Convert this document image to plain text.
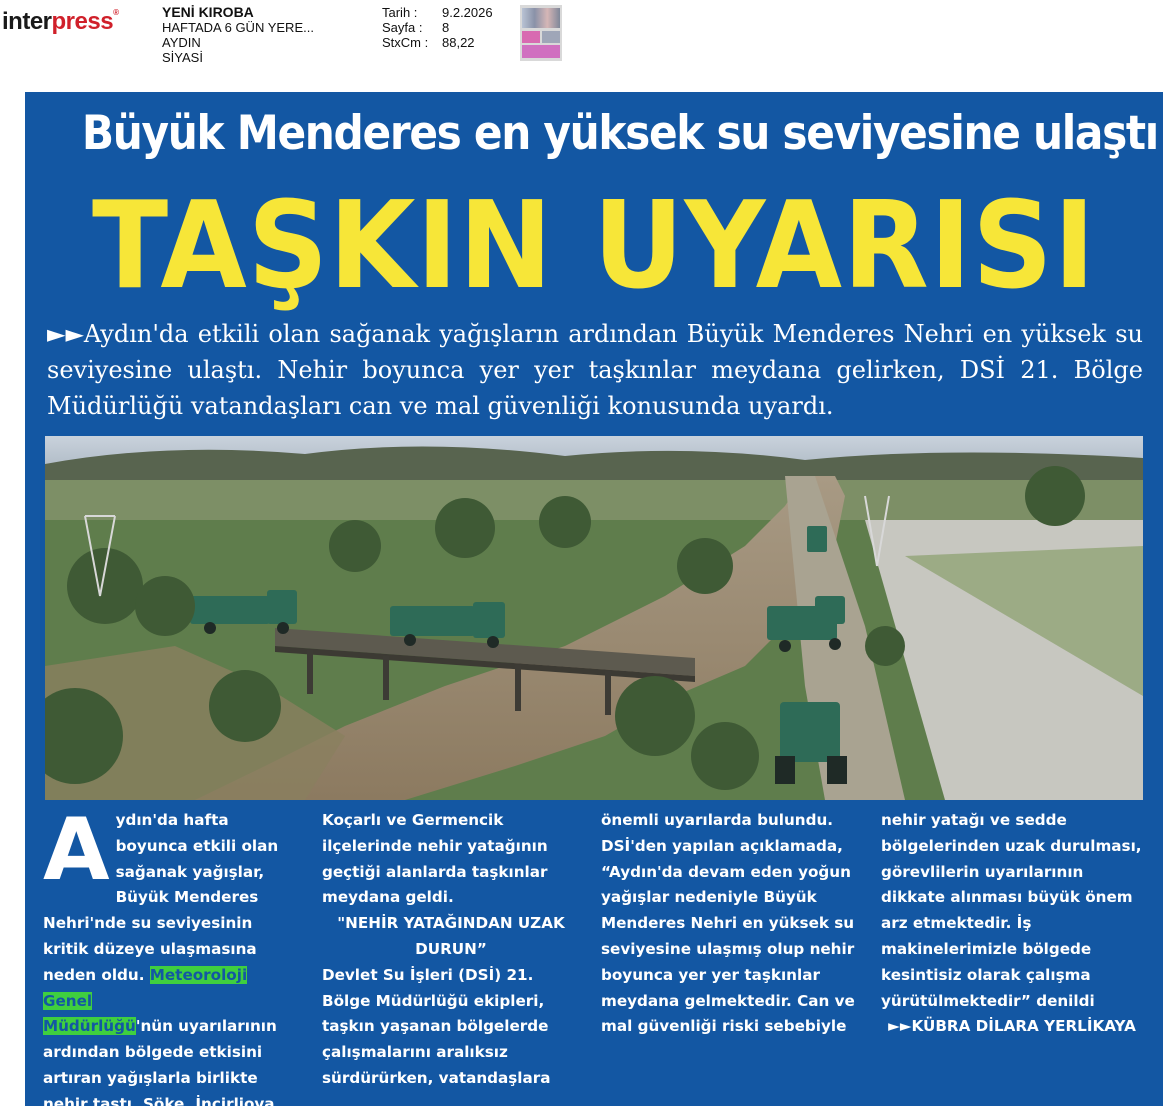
interpress®	YENİ KIROBA
HAFTADA 6 GÜN YERE...
AYDIN
SİYASİ
Tarih :	9.2.2026
Sayfa :	8
StxCm :	88,22
Büyük Menderes en yüksek su seviyesine ulaştı
TAŞKIN UYARISI
►►Aydın'da etkili olan sağanak yağışların ardından Büyük Menderes Nehri en yüksek su seviyesine ulaştı. Nehir boyunca yer yer taşkınlar meydana gelirken, DSİ 21. Bölge Müdürlüğü vatandaşları can ve mal güvenliği konusunda uyardı.

Aydın'da hafta boyunca etkili olan sağanak yağışlar, Büyük Menderes Nehri'nde su seviyesinin kritik düzeye ulaşmasına neden oldu. Meteoroloji Genel
Müdürlüğü'nün uyarılarının ardından bölgede etkisini artıran yağışlarla birlikte nehir taştı, Söke, İncirliova,

Koçarlı ve Germencik ilçelerinde nehir yatağının geçtiği alanlarda taşkınlar meydana geldi.

"NEHİR YATAĞINDAN UZAK DURUN”

Devlet Su İşleri (DSİ) 21. Bölge Müdürlüğü ekipleri, taşkın yaşanan bölgelerde çalışmalarını aralıksız sürdürürken, vatandaşlara

önemli uyarılarda bulundu. DSİ'den yapılan açıklamada, “Aydın'da devam eden yoğun yağışlar nedeniyle Büyük Menderes Nehri en yüksek su seviyesine ulaşmış olup nehir boyunca yer yer taşkınlar meydana gelmektedir. Can ve mal güvenliği riski sebebiyle

nehir yatağı ve sedde bölgelerinden uzak durulması, görevlilerin uyarılarının dikkate alınması büyük önem arz etmektedir. İş makinelerimizle bölgede kesintisiz olarak çalışma yürütülmektedir” denildi

►►KÜBRA DİLARA YERLİKAYA
